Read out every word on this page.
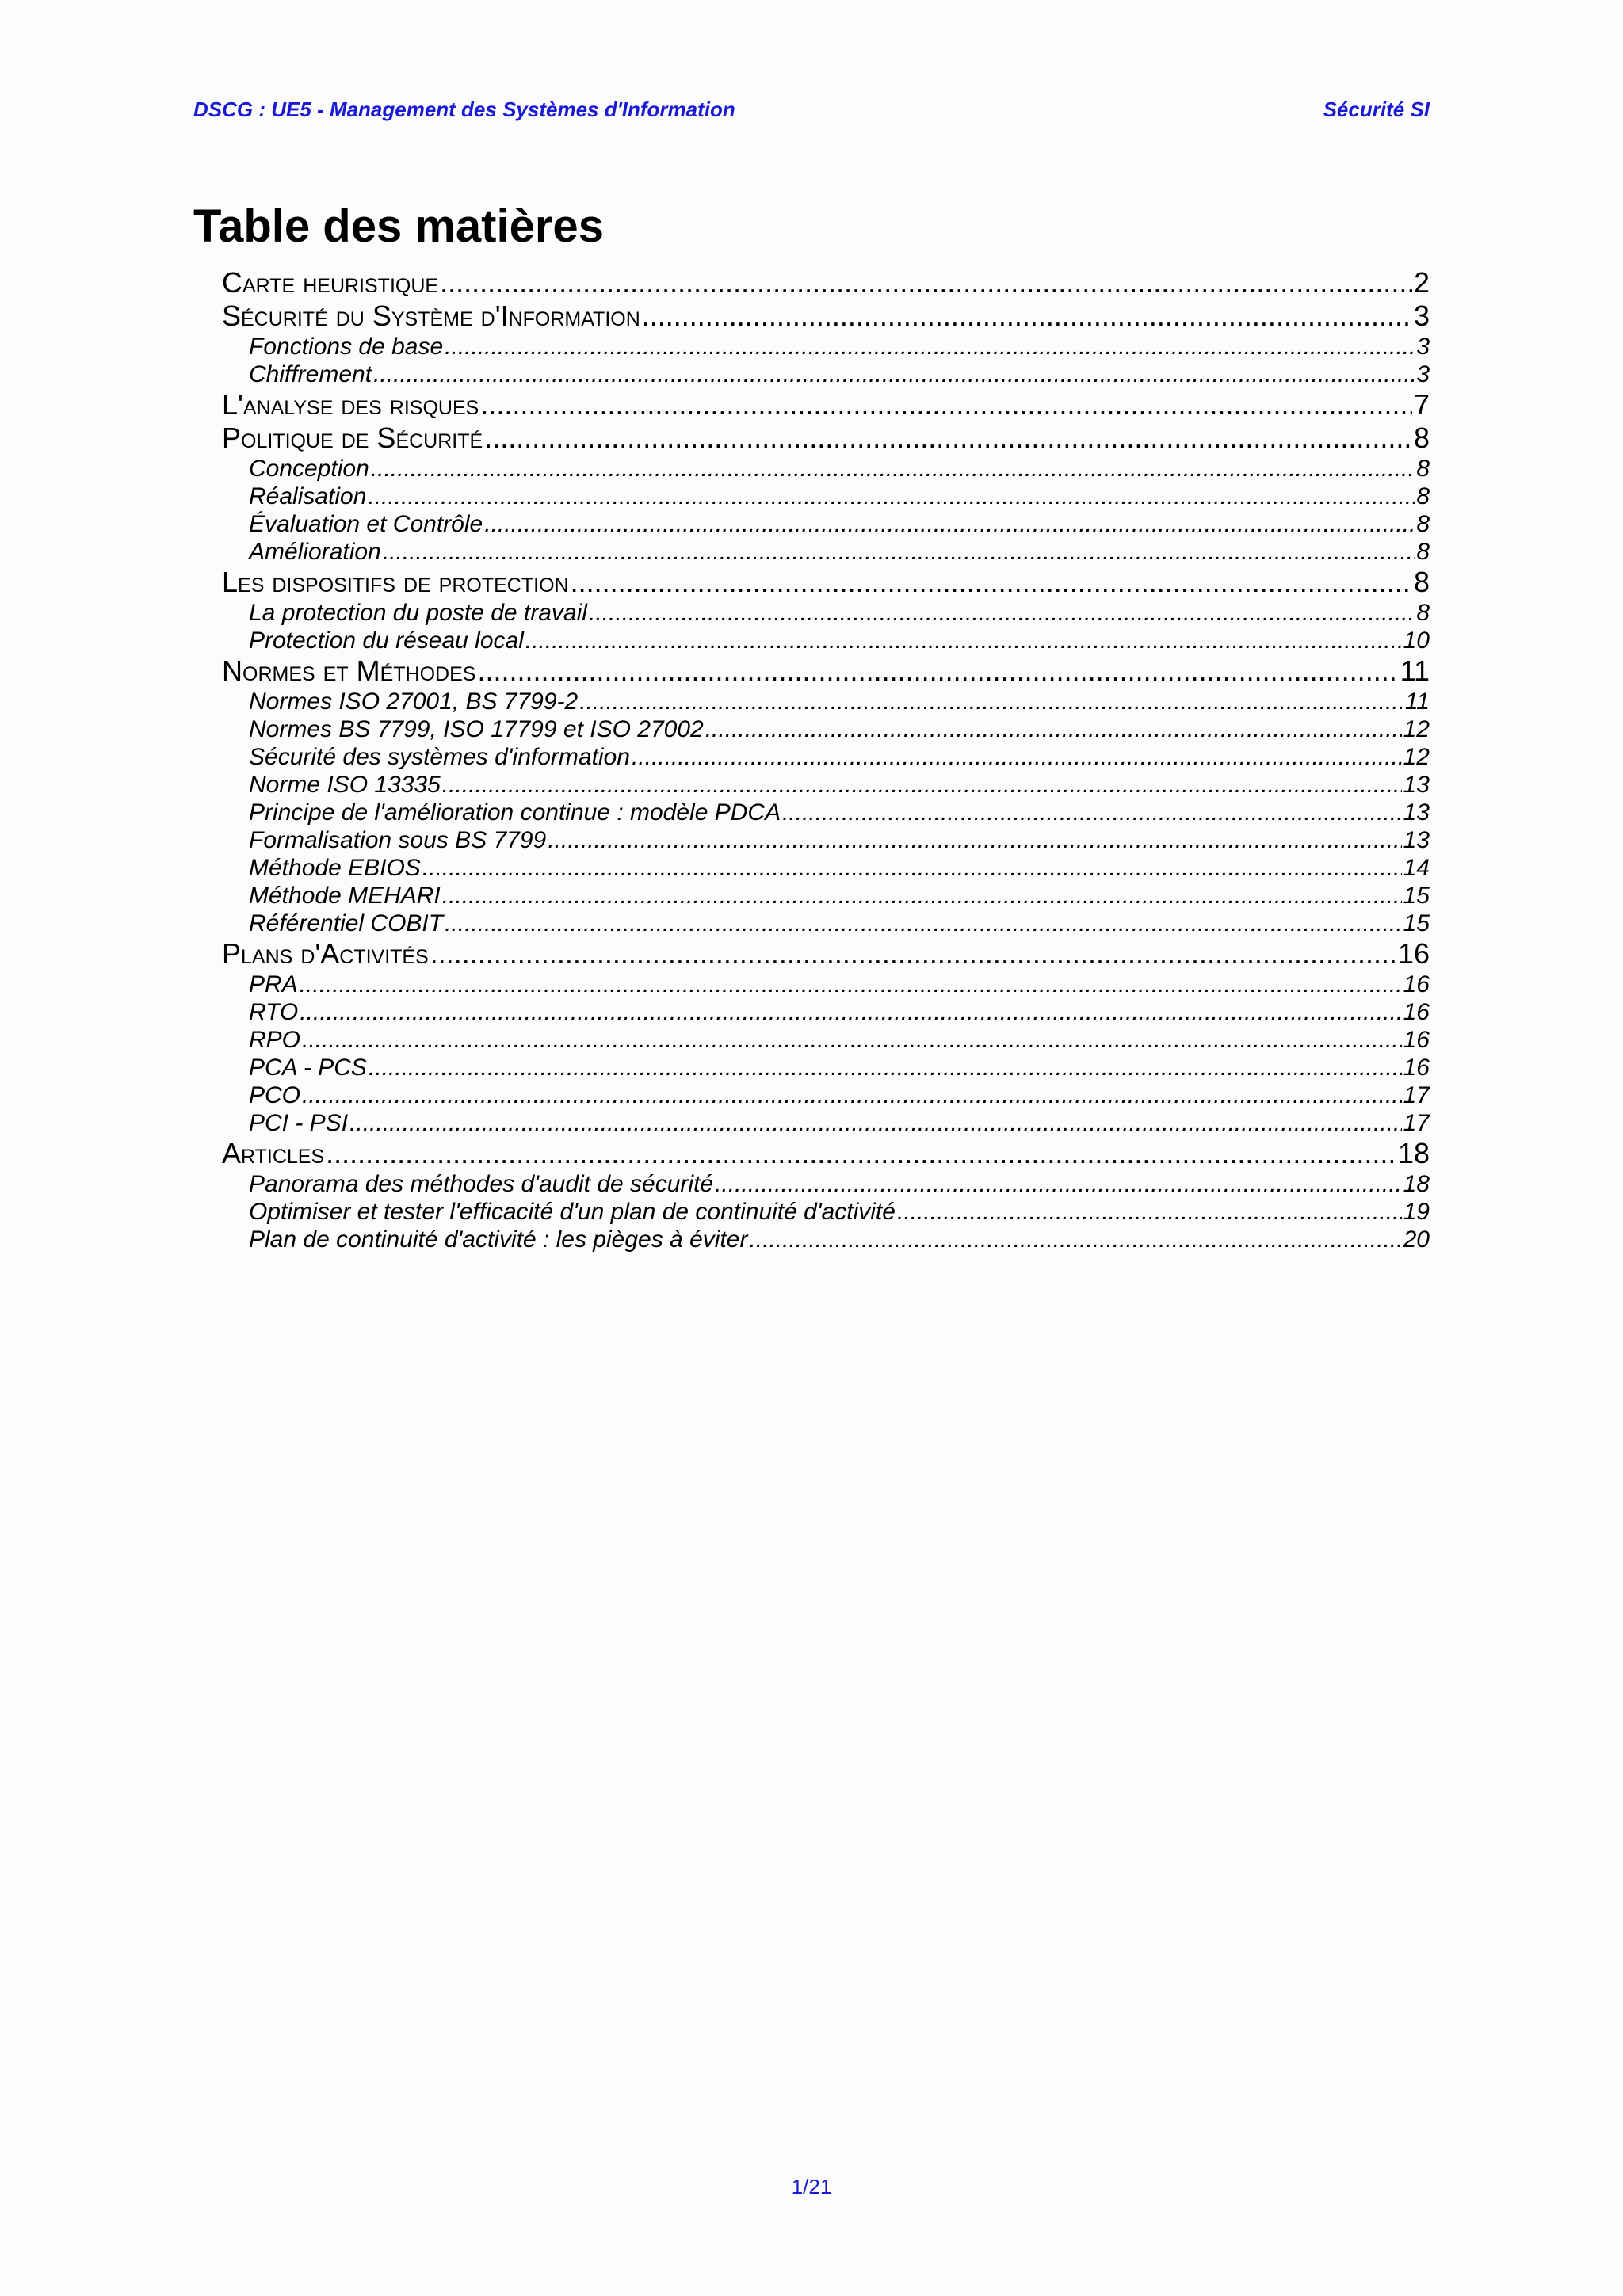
DSCG : UE5 - Management des Systèmes d'Information	Sécurité SI
Table des matières
Carte heuristique .....	2
Sécurité du Système d'Information .....	3
Fonctions de base .....	3
Chiffrement .....	3
L'analyse des risques .....	7
Politique de Sécurité .....	8
Conception .....	8
Réalisation .....	8
Évaluation et Contrôle .....	8
Amélioration .....	8
Les dispositifs de protection .....	8
La protection du poste de travail .....	8
Protection du réseau local .....	10
Normes et Méthodes .....	11
Normes ISO 27001, BS 7799-2 .....	11
Normes BS 7799, ISO 17799 et ISO 27002 .....	12
Sécurité des systèmes d'information .....	12
Norme ISO 13335 .....	13
Principe de l'amélioration continue : modèle PDCA .....	13
Formalisation sous BS 7799 .....	13
Méthode EBIOS .....	14
Méthode MEHARI .....	15
Référentiel COBIT .....	15
Plans d'Activités .....	16
PRA .....	16
RTO .....	16
RPO .....	16
PCA - PCS .....	16
PCO .....	17
PCI - PSI .....	17
Articles .....	18
Panorama des méthodes d'audit de sécurité .....	18
Optimiser et tester l'efficacité d'un plan de continuité d'activité .....	19
Plan de continuité d'activité : les pièges à éviter .....	20
1/21
